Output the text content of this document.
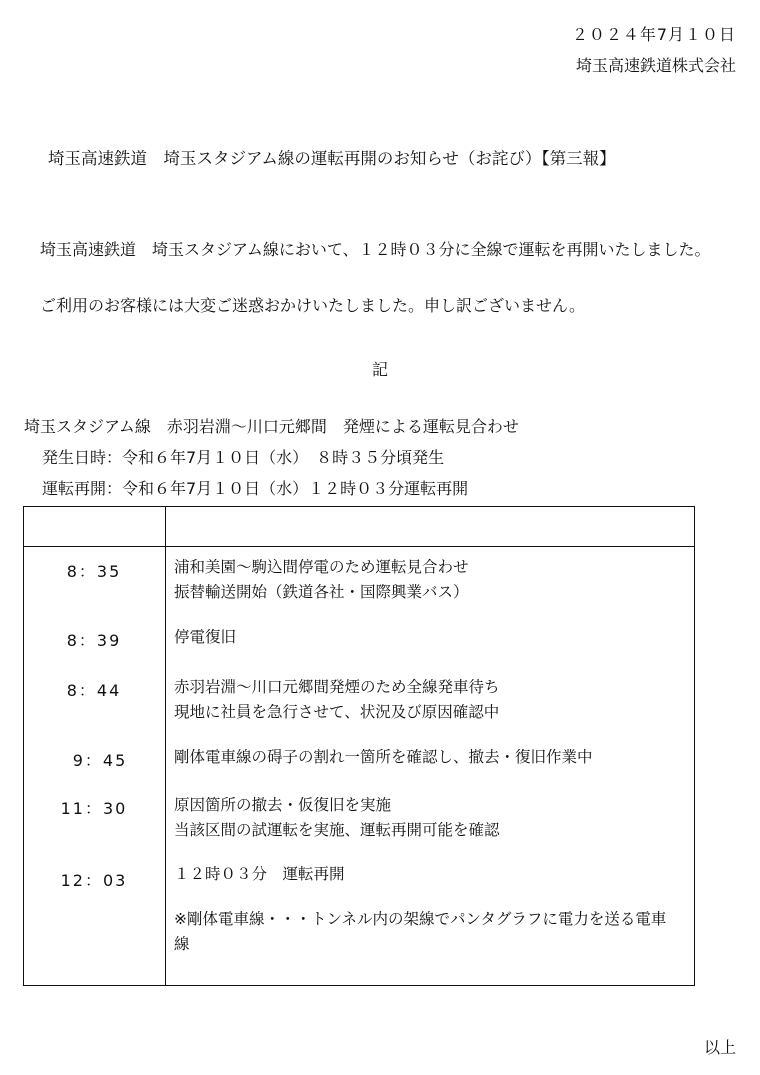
２０２４年7月１０日
埼玉高速鉄道株式会社
埼玉高速鉄道　埼玉スタジアム線の運転再開のお知らせ（お詫び）【第三報】
埼玉高速鉄道　埼玉スタジアム線において、１２時０３分に全線で運転を再開いたしました。
ご利用のお客様には大変ご迷惑おかけいたしました。申し訳ございません。
記
埼玉スタジアム線　赤羽岩淵～川口元郷間　発煙による運転見合わせ
発生日時：令和６年7月１０日（水）　８時３５分頃発生
運転再開：令和６年7月１０日（水）１２時０３分運転再開
8：35	浦和美園～駒込間停電のため運転見合わせ
振替輸送開始（鉄道各社・国際興業バス）
8：39	停電復旧
8：44	赤羽岩淵～川口元郷間発煙のため全線発車待ち
現地に社員を急行させて、状況及び原因確認中
9：45	剛体電車線の碍子の割れ一箇所を確認し、撤去・復旧作業中
11：30	原因箇所の撤去・仮復旧を実施
当該区間の試運転を実施、運転再開可能を確認
12：03	１２時０３分　運転再開
※剛体電車線・・・トンネル内の架線でパンタグラフに電力を送る電車線
以上
